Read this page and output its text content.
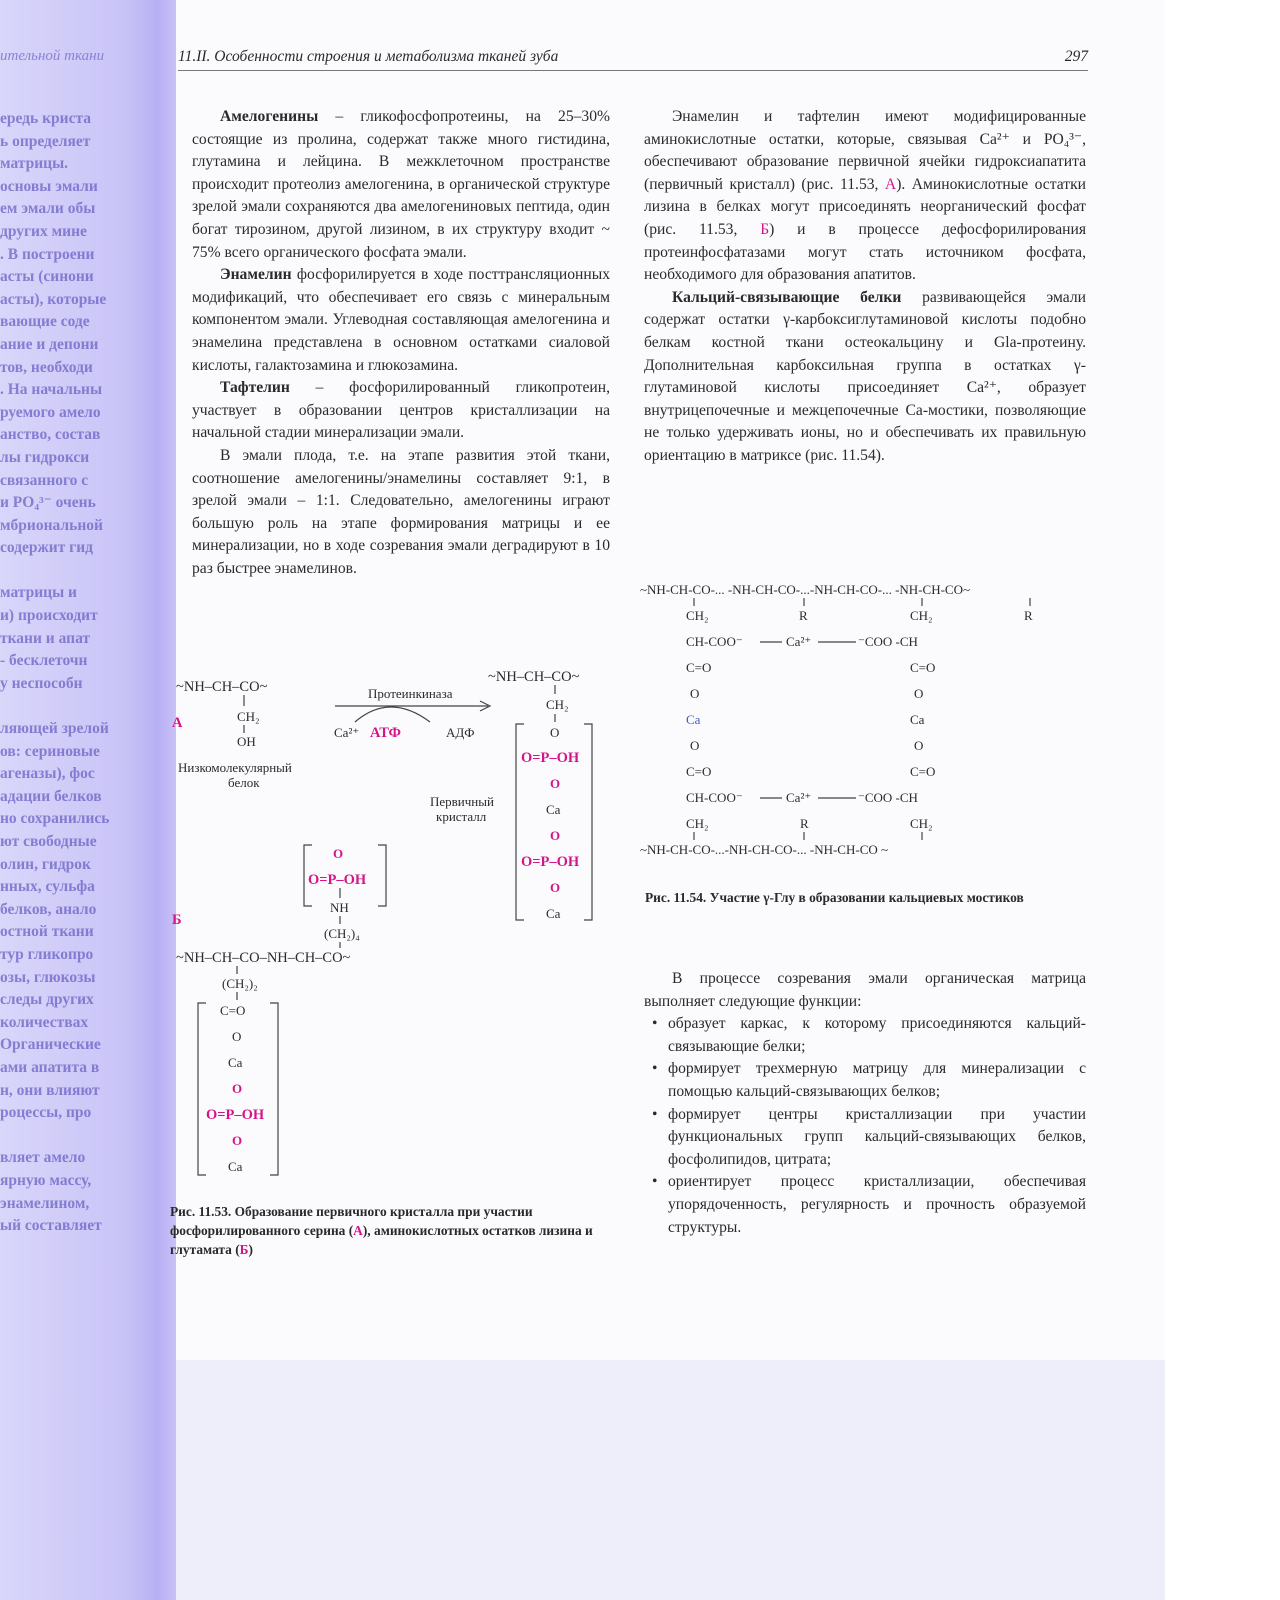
ительной ткани
ередь криста
ь определяет
матрицы.
основы эмали
ем эмали обы
других мине
. В построени
асты (синони
асты), которые
вающие соде
ание и депони
тов, необходи
. На начальны
руемого амело
анство, состав
лы гидрокси
связанного с
и PO₄³⁻ очень
мбриональной
содержит гид

матрицы и
и) происходит
ткани и апат
- бесклеточн
у неспособн

ляющей зрелой
ов: сериновые
агеназы), фос
адации белков
но сохранились
ют свободные
олин, гидрок
нных, сульфа
белков, анало
остной ткани
тур гликопро
озы, глюкозы
следы других
количествах
Органические
ами апатита в
н, они влияют
роцессы, про

вляет амело
ярную массу,
энамелином,
ый составляет
11.II. Особенности строения и метаболизма тканей зуба	297

Амелогенины – гликофосфопротеины, на 25–30% состоящие из пролина, содержат также много гистидина, глутамина и лейцина. В межклеточном пространстве происходит протеолиз амелогенина, в органической структуре зрелой эмали сохраняются два амелогениновых пептида, один богат тирозином, другой лизином, в их структуру входит ~ 75% всего органического фосфата эмали.

Энамелин фосфорилируется в ходе посттрансляционных модификаций, что обеспечивает его связь с минеральным компонентом эмали. Углеводная составляющая амелогенина и энамелина представлена в основном остатками сиаловой кислоты, галактозамина и глюкозамина.

Тафтелин – фосфорилированный гликопротеин, участвует в образовании центров кристаллизации на начальной стадии минерализации эмали.

В эмали плода, т.е. на этапе развития этой ткани, соотношение амелогенины/энамелины составляет 9:1, в зрелой эмали – 1:1. Следовательно, амелогенины играют большую роль на этапе формирования матрицы и ее минерализации, но в ходе созревания эмали деградируют в 10 раз быстрее энамелинов.

Энамелин и тафтелин имеют модифицированные аминокислотные остатки, которые, связывая Ca²⁺ и PO₄³⁻, обеспечивают образование первичной ячейки гидроксиапатита (первичный кристалл) (рис. 11.53, А). Аминокислотные остатки лизина в белках могут присоединять неорганический фосфат (рис. 11.53, Б) и в процессе дефосфорилирования протеинфосфатазами могут стать источником фосфата, необходимого для образования апатитов.

Кальций-связывающие белки развивающейся эмали содержат остатки γ-карбоксиглутаминовой кислоты подобно белкам костной ткани остеокальцину и Gla-протеину. Дополнительная карбоксильная группа в остатках γ-глутаминовой кислоты присоединяет Ca²⁺, образует внутрицепочечные и межцепочечные Ca-мостики, позволяющие не только удерживать ионы, но и обеспечивать их правильную ориентацию в матриксе (рис. 11.54).

А
Б
~NH–CH–CO~
CH₂
OH
Низкомолекулярный
белок
Протеинкиназа
Ca²⁺ АТФ	АДФ
~NH–CH–CO~
CH₂
O
O=P–OH
O
Ca
O
O=P–OH
O
Ca
Первичный
кристалл
O
O=P–OH
NH
(CH₂)₄
~NH–CH–CO–NH–CH–CO~
(CH₂)₂
C=O
O
Ca
O
O=P–OH
O
Ca
~NH-CH-CO-... -NH-CH-CO-...-NH-CH-CO-... -NH-CH-CO~
CH₂	R	CH₂	R
CH-COO⁻	Ca²⁺	⁻COO -CH
C=O	C=O
O	O
Ca	Ca
O	O
C=O	C=O
CH-COO⁻	Ca²⁺	⁻COO -CH
CH₂	R	CH₂
~NH-CH-CO-...-NH-CH-CO-... -NH-CH-CO ~
Рис. 11.53. Образование первичного кристалла при участии фосфорилированного серина (А), аминокислотных остатков лизина и глутамата (Б)
Рис. 11.54. Участие γ-Глу в образовании кальциевых мостиков

В процессе созревания эмали органическая матрица выполняет следующие функции:

• образует каркас, к которому присоединяются кальций-связывающие белки;
• формирует трехмерную матрицу для минерализации с помощью кальций-связывающих белков;
• формирует центры кристаллизации при участии функциональных групп кальций-связывающих белков, фосфолипидов, цитрата;
• ориентирует процесс кристаллизации, обеспечивая упорядоченность, регулярность и прочность образуемой структуры.
